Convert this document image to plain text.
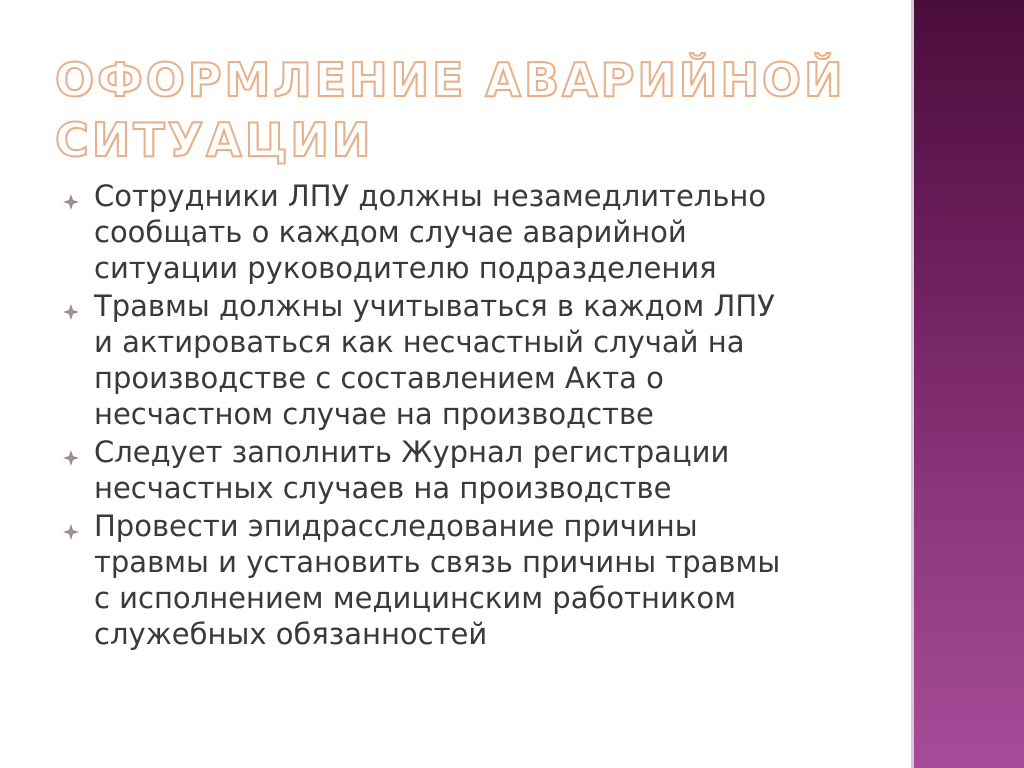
ОФОРМЛЕНИЕ АВАРИЙНОЙ
СИТУАЦИИ

Сотрудники ЛПУ должны незамедлительно
сообщать о каждом случае аварийной
ситуации руководителю подразделения

Травмы должны учитываться в каждом ЛПУ
и актироваться как несчастный случай на
производстве с составлением Акта о
несчастном случае на производстве

Следует заполнить Журнал регистрации
несчастных случаев на производстве

Провести эпидрасследование причины
травмы и установить связь причины травмы
с исполнением медицинским работником
служебных обязанностей
